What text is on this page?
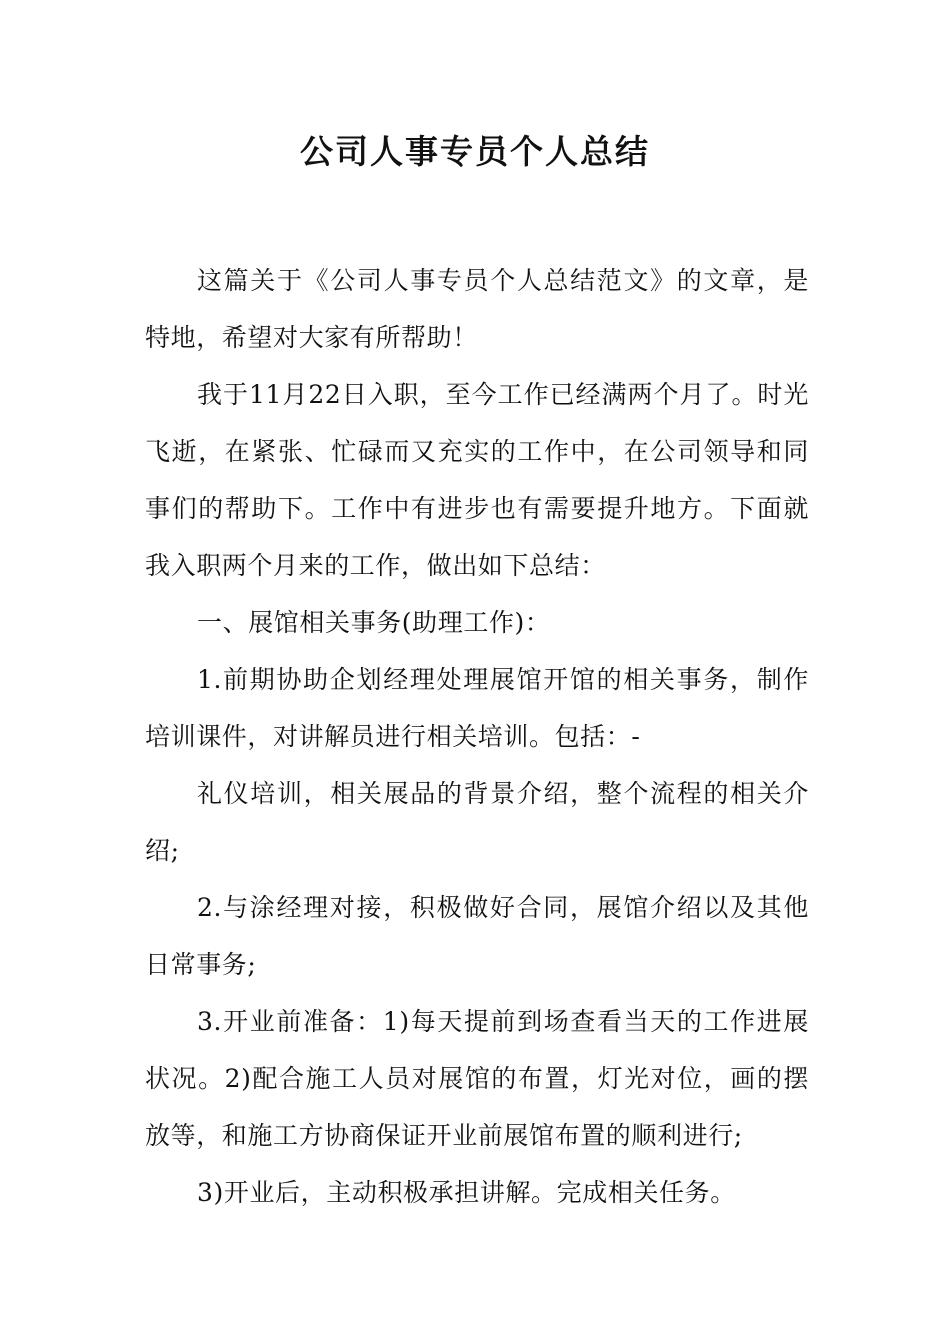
公司人事专员个人总结

这篇关于《公司人事专员个人总结范文》的文章，是特地，希望对大家有所帮助！

我于11月22日入职，至今工作已经满两个月了。时光飞逝，在紧张、忙碌而又充实的工作中，在公司领导和同事们的帮助下。工作中有进步也有需要提升地方。下面就我入职两个月来的工作，做出如下总结：

一、展馆相关事务(助理工作)：

1.前期协助企划经理处理展馆开馆的相关事务，制作培训课件，对讲解员进行相关培训。包括：-

礼仪培训，相关展品的背景介绍，整个流程的相关介绍;

2.与涂经理对接，积极做好合同，展馆介绍以及其他日常事务;

3.开业前准备：1)每天提前到场查看当天的工作进展状况。2)配合施工人员对展馆的布置，灯光对位，画的摆放等，和施工方协商保证开业前展馆布置的顺利进行;

3)开业后，主动积极承担讲解。完成相关任务。
